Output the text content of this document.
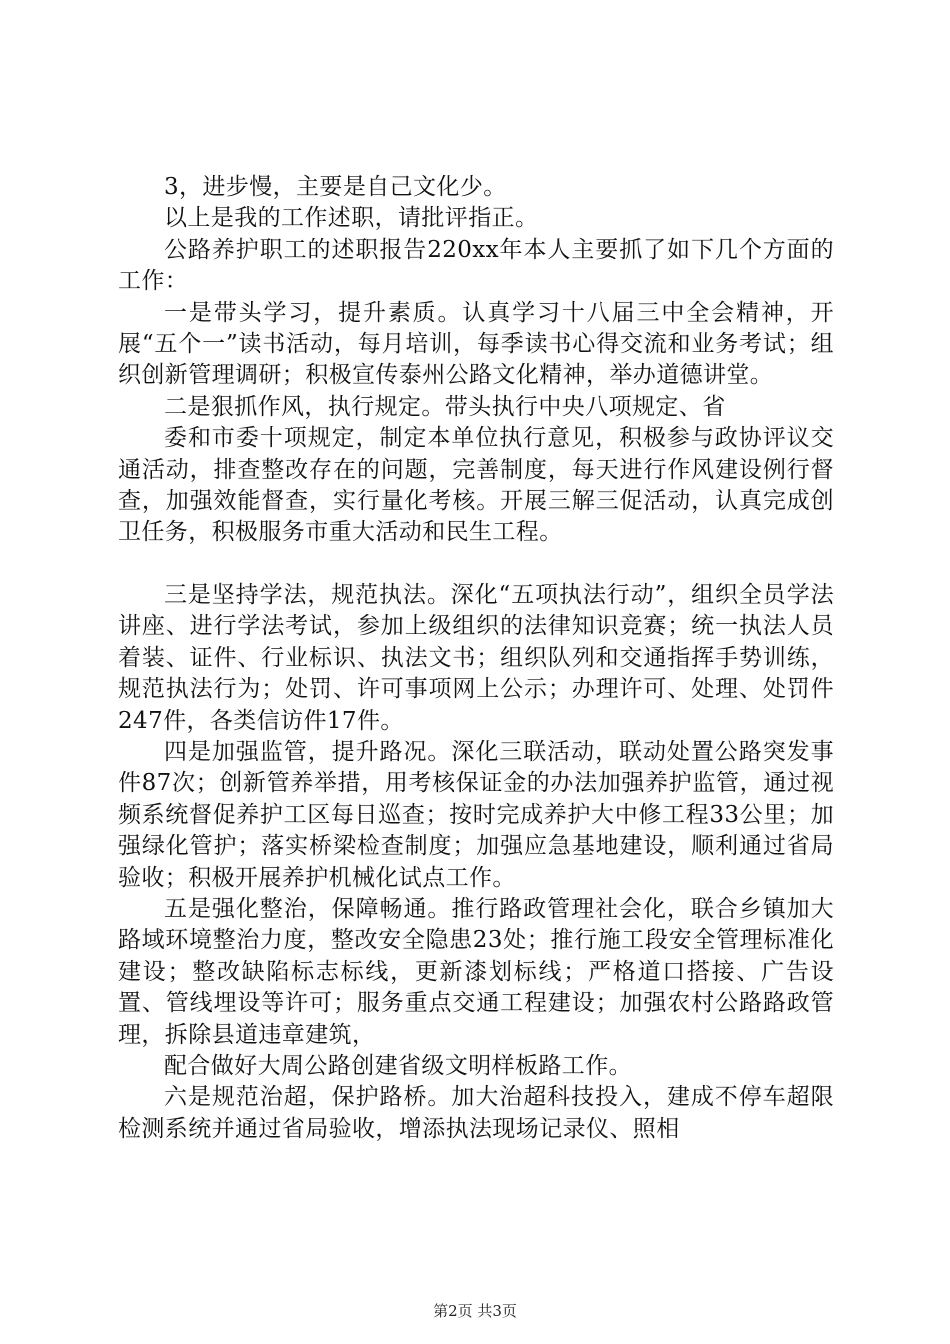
3，进步慢，主要是自己文化少。

以上是我的工作述职，请批评指正。

公路养护职工的述职报告220xx年本人主要抓了如下几个方面的工作：

一是带头学习，提升素质。认真学习十八届三中全会精神，开展“五个一”读书活动，每月培训，每季读书心得交流和业务考试；组织创新管理调研；积极宣传泰州公路文化精神，举办道德讲堂。

二是狠抓作风，执行规定。带头执行中央八项规定、省

委和市委十项规定，制定本单位执行意见，积极参与政协评议交通活动，排查整改存在的问题，完善制度，每天进行作风建设例行督查，加强效能督查，实行量化考核。开展三解三促活动，认真完成创卫任务，积极服务市重大活动和民生工程。

三是坚持学法，规范执法。深化“五项执法行动”，组织全员学法讲座、进行学法考试，参加上级组织的法律知识竞赛；统一执法人员着装、证件、行业标识、执法文书；组织队列和交通指挥手势训练，规范执法行为；处罚、许可事项网上公示；办理许可、处理、处罚件247件，各类信访件17件。

四是加强监管，提升路况。深化三联活动，联动处置公路突发事件87次；创新管养举措，用考核保证金的办法加强养护监管，通过视频系统督促养护工区每日巡查；按时完成养护大中修工程33公里；加强绿化管护；落实桥梁检查制度；加强应急基地建设，顺利通过省局验收；积极开展养护机械化试点工作。

五是强化整治，保障畅通。推行路政管理社会化，联合乡镇加大路域环境整治力度，整改安全隐患23处；推行施工段安全管理标准化建设；整改缺陷标志标线，更新漆划标线；严格道口搭接、广告设置、管线埋设等许可；服务重点交通工程建设；加强农村公路路政管理，拆除县道违章建筑，

配合做好大周公路创建省级文明样板路工作。

六是规范治超，保护路桥。加大治超科技投入，建成不停车超限检测系统并通过省局验收，增添执法现场记录仪、照相

第2页 共3页
